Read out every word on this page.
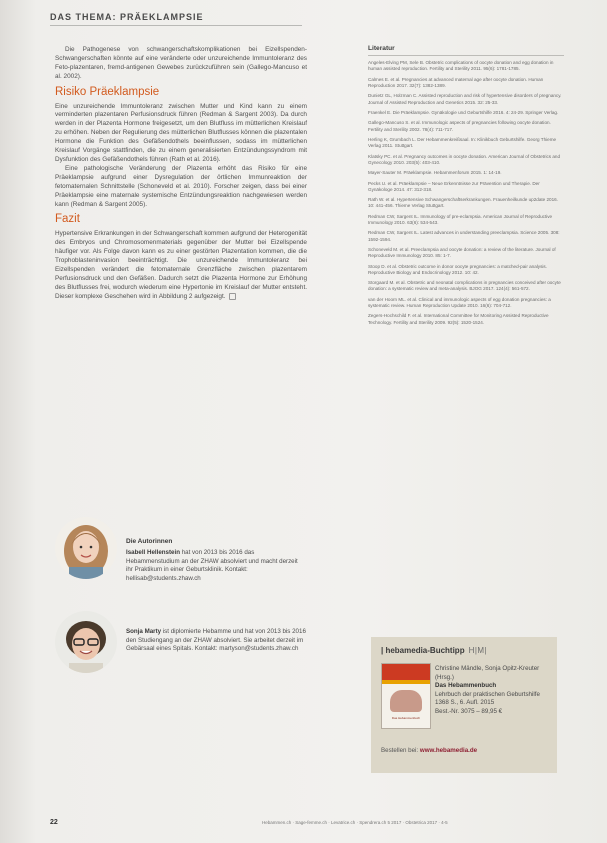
DAS THEMA: PRÄEKLAMPSIE

Die Pathogenese von schwangerschaftskomplikationen bei Eizellspenden-Schwangerschaften könnte auf eine veränderte oder unzureichende Immuntoleranz des Feto-plazentaren, fremd-antigenen Gewebes zurückzuführen sein (Gallego-Mancuso et al. 2002).

Risiko Präeklampsie

Eine unzureichende Immuntoleranz zwischen Mutter und Kind kann zu einem verminderten plazentaren Perfusionsdruck führen (Redman & Sargent 2003). Da durch werden in der Plazenta Hormone freigesetzt, um den Blutfluss im mütterlichen Kreislauf zu erhöhen. Neben der Regulierung des mütterlichen Blutflusses können die plazentalen Hormone die Funktion des Gefäßendothels beeinflussen, sodass im mütterlichen Kreislauf Vorgänge stattfinden, die zu einem generalisierten Entzündungssyndrom mit Dysfunktion des Gefäßendothels führen (Rath et al. 2016).

Eine pathologische Veränderung der Plazenta erhöht das Risiko für eine Präeklampsie aufgrund einer Dysregulation der örtlichen Immunreaktion der fetomaternalen Schnittstelle (Schoneveld et al. 2010). Forscher zeigen, dass bei einer Präeklampsie eine maternale systemische Entzündungsreaktion nachgewiesen werden kann (Redman & Sargent 2005).

Fazit

Hypertensive Erkrankungen in der Schwangerschaft kommen aufgrund der Heterogenität des Embryos und Chromosomenmaterials gegenüber der Mutter bei Eizellspende häufiger vor. Als Folge davon kann es zu einer gestörten Plazentation kommen, die die Trophoblasteninvasion beeinträchtigt. Die unzureichende Immuntoleranz bei Eizellspenden verändert die fetomaternale Grenzfläche zwischen plazentarem Perfusionsdruck und den Gefäßen. Dadurch setzt die Plazenta Hormone zur Erhöhung des Blutflusses frei, wodurch wiederum eine Hypertonie im Kreislauf der Mutter entsteht. Dieser komplexe Geschehen wird in Abbildung 2 aufgezeigt.

Die Autorinnen
Isabell Hellenstein hat von 2013 bis 2016 das Hebammenstudium an der ZHAW absolviert und macht derzeit ihr Praktikum in einer Geburtsklinik. Kontakt: hellisab@students.zhaw.ch
Sonja Marty ist diplomierte Hebamme und hat von 2013 bis 2016 den Studiengang an der ZHAW absolviert. Sie arbeitet derzeit im Gebärsaal eines Spitals. Kontakt: martyson@students.zhaw.ch
Literatur

Angeles-Elving PM, Sele B. Obstetric complications of oocyte donation and egg donation in human assisted reproduction. Fertility and Sterility 2011. 95(6): 1781-1785.

Calmes E. et al. Pregnancies at advanced maternal age after oocyte donation. Human Reproduction 2017. 32(7): 1382-1389.

Dunietz GL, Holzman C. Assisted reproduction and risk of hypertensive disorders of pregnancy. Journal of Assisted Reproduction and Genetics 2015. 32: 25-33.

Fraenkel E. Die Präeklampsie. Gynäkologie und Geburtshilfe 2016. 4: 24-29. Springer Verlag.

Gallego-Mancuso S. et al. Immunologic aspects of pregnancies following oocyte donation. Fertility and Sterility 2002. 78(4): 711-717.

Herling K, Grumbach L. Der Hebammenkreißsaal. In: Klinikbuch Geburtshilfe. Georg Thieme Verlag 2011. Stuttgart.

Klatsky PC. et al. Pregnancy outcomes in oocyte donation. American Journal of Obstetrics and Gynecology 2010. 203(5): 403-410.

Mayer-Sauter M. Präeklampsie. Hebammenforum 2015. 1: 14-19.

Pecks U. et al. Präeklampsie – Neue Erkenntnisse zur Prävention und Therapie. Der Gynäkologe 2014. 47: 312-318.

Rath W. et al. Hypertensive Schwangerschaftserkrankungen. Frauenheilkunde up2date 2016. 10: 441-456. Thieme Verlag Stuttgart.

Redman CW, Sargent IL. Immunology of pre-eclampsia. American Journal of Reproductive Immunology 2010. 63(6): 534-543.

Redman CW, Sargent IL. Latest advances in understanding preeclampsia. Science 2005. 308: 1592-1594.

Schoneveld M. et al. Preeclampsia and oocyte donation: a review of the literature. Journal of Reproductive Immunology 2010. 85: 1-7.

Stoop D. et al. Obstetric outcome in donor oocyte pregnancies: a matched-pair analysis. Reproductive Biology and Endocrinology 2012. 10: 42.

Storgaard M. et al. Obstetric and neonatal complications in pregnancies conceived after oocyte donation: a systematic review and meta-analysis. BJOG 2017. 124(4): 561-572.

van der Hoorn ML. et al. Clinical and immunologic aspects of egg donation pregnancies: a systematic review. Human Reproduction Update 2010. 16(6): 704-712.

Zegers-Hochschild F. et al. International Committee for Monitoring Assisted Reproductive Technology. Fertility and Sterility 2009. 92(5): 1520-1524.

| hebamedia-Buchtipp H|M|
Das Hebammenbuch
Christine Mändle, Sonja Opitz-Kreuter (Hrsg.)
Das Hebammenbuch
Lehrbuch der praktischen Geburtshilfe
1368 S., 6. Aufl. 2015
Best.-Nr. 3075 – 89,95 €
Bestellen bei: www.hebamedia.de
22	Hebammen.ch · Sage-femme.ch · Levatrice.ch · Spendrera.ch 5 2017 · Obstetrica 2017 · 4-5
